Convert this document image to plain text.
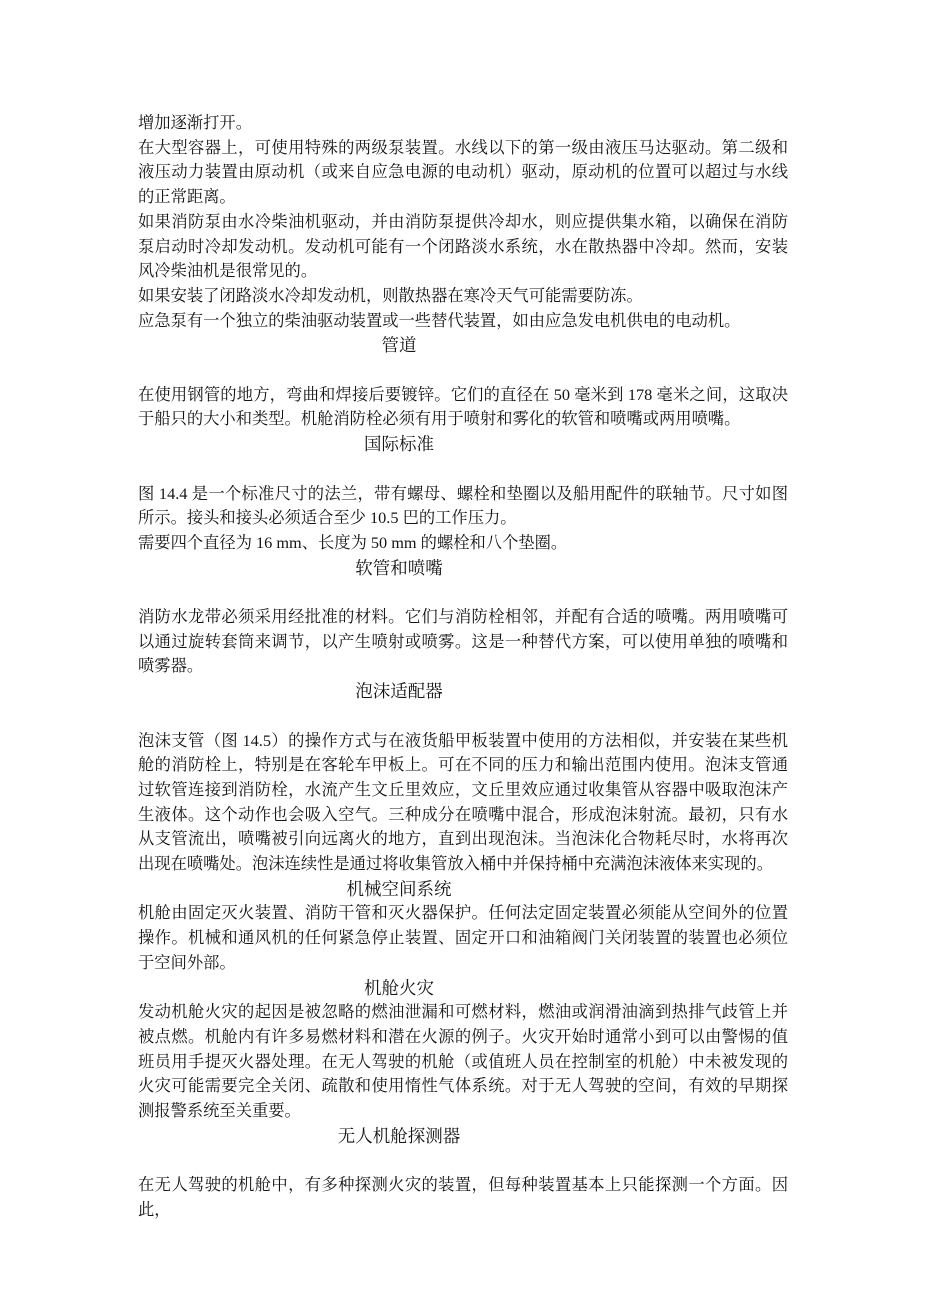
增加逐渐打开。

在大型容器上，可使用特殊的两级泵装置。水线以下的第一级由液压马达驱动。第二级和液压动力装置由原动机（或来自应急电源的电动机）驱动，原动机的位置可以超过与水线的正常距离。

如果消防泵由水冷柴油机驱动，并由消防泵提供冷却水，则应提供集水箱，以确保在消防泵启动时冷却发动机。发动机可能有一个闭路淡水系统，水在散热器中冷却。然而，安装风冷柴油机是很常见的。

如果安装了闭路淡水冷却发动机，则散热器在寒冷天气可能需要防冻。

应急泵有一个独立的柴油驱动装置或一些替代装置，如由应急发电机供电的电动机。

管道

在使用钢管的地方，弯曲和焊接后要镀锌。它们的直径在 50 毫米到 178 毫米之间，这取决于船只的大小和类型。机舱消防栓必须有用于喷射和雾化的软管和喷嘴或两用喷嘴。

国际标准

图 14.4 是一个标准尺寸的法兰，带有螺母、螺栓和垫圈以及船用配件的联轴节。尺寸如图所示。接头和接头必须适合至少 10.5 巴的工作压力。

需要四个直径为 16 mm、长度为 50 mm 的螺栓和八个垫圈。

软管和喷嘴

消防水龙带必须采用经批准的材料。它们与消防栓相邻，并配有合适的喷嘴。两用喷嘴可以通过旋转套筒来调节，以产生喷射或喷雾。这是一种替代方案，可以使用单独的喷嘴和喷雾器。

泡沫适配器

泡沫支管（图 14.5）的操作方式与在液货船甲板装置中使用的方法相似，并安装在某些机舱的消防栓上，特别是在客轮车甲板上。可在不同的压力和输出范围内使用。泡沫支管通过软管连接到消防栓，水流产生文丘里效应，文丘里效应通过收集管从容器中吸取泡沫产生液体。这个动作也会吸入空气。三种成分在喷嘴中混合，形成泡沫射流。最初，只有水从支管流出，喷嘴被引向远离火的地方，直到出现泡沫。当泡沫化合物耗尽时，水将再次出现在喷嘴处。泡沫连续性是通过将收集管放入桶中并保持桶中充满泡沫液体来实现的。

机械空间系统

机舱由固定灭火装置、消防干管和灭火器保护。任何法定固定装置必须能从空间外的位置操作。机械和通风机的任何紧急停止装置、固定开口和油箱阀门关闭装置的装置也必须位于空间外部。

机舱火灾

发动机舱火灾的起因是被忽略的燃油泄漏和可燃材料，燃油或润滑油滴到热排气歧管上并被点燃。机舱内有许多易燃材料和潜在火源的例子。火灾开始时通常小到可以由警惕的值班员用手提灭火器处理。在无人驾驶的机舱（或值班人员在控制室的机舱）中未被发现的火灾可能需要完全关闭、疏散和使用惰性气体系统。对于无人驾驶的空间，有效的早期探测报警系统至关重要。

无人机舱探测器

在无人驾驶的机舱中，有多种探测火灾的装置，但每种装置基本上只能探测一个方面。因此，
